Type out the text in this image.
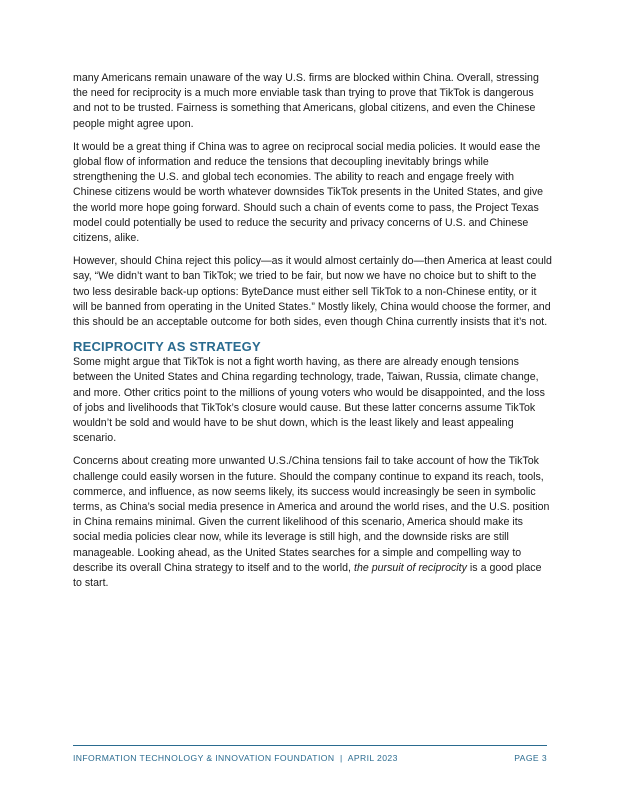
many Americans remain unaware of the way U.S. firms are blocked within China. Overall, stressing the need for reciprocity is a much more enviable task than trying to prove that TikTok is dangerous and not to be trusted. Fairness is something that Americans, global citizens, and even the Chinese people might agree upon.

It would be a great thing if China was to agree on reciprocal social media policies. It would ease the global flow of information and reduce the tensions that decoupling inevitably brings while strengthening the U.S. and global tech economies. The ability to reach and engage freely with Chinese citizens would be worth whatever downsides TikTok presents in the United States, and give the world more hope going forward. Should such a chain of events come to pass, the Project Texas model could potentially be used to reduce the security and privacy concerns of U.S. and Chinese citizens, alike.

However, should China reject this policy—as it would almost certainly do—then America at least could say, “We didn’t want to ban TikTok; we tried to be fair, but now we have no choice but to shift to the two less desirable back-up options: ByteDance must either sell TikTok to a non-Chinese entity, or it will be banned from operating in the United States.” Mostly likely, China would choose the former, and this should be an acceptable outcome for both sides, even though China currently insists that it’s not.

RECIPROCITY AS STRATEGY

Some might argue that TikTok is not a fight worth having, as there are already enough tensions between the United States and China regarding technology, trade, Taiwan, Russia, climate change, and more. Other critics point to the millions of young voters who would be disappointed, and the loss of jobs and livelihoods that TikTok’s closure would cause. But these latter concerns assume TikTok wouldn’t be sold and would have to be shut down, which is the least likely and least appealing scenario.

Concerns about creating more unwanted U.S./China tensions fail to take account of how the TikTok challenge could easily worsen in the future. Should the company continue to expand its reach, tools, commerce, and influence, as now seems likely, its success would increasingly be seen in symbolic terms, as China’s social media presence in America and around the world rises, and the U.S. position in China remains minimal. Given the current likelihood of this scenario, America should make its social media policies clear now, while its leverage is still high, and the downside risks are still manageable. Looking ahead, as the United States searches for a simple and compelling way to describe its overall China strategy to itself and to the world, the pursuit of reciprocity is a good place to start.

INFORMATION TECHNOLOGY & INNOVATION FOUNDATION  |  APRIL 2023	PAGE 3
